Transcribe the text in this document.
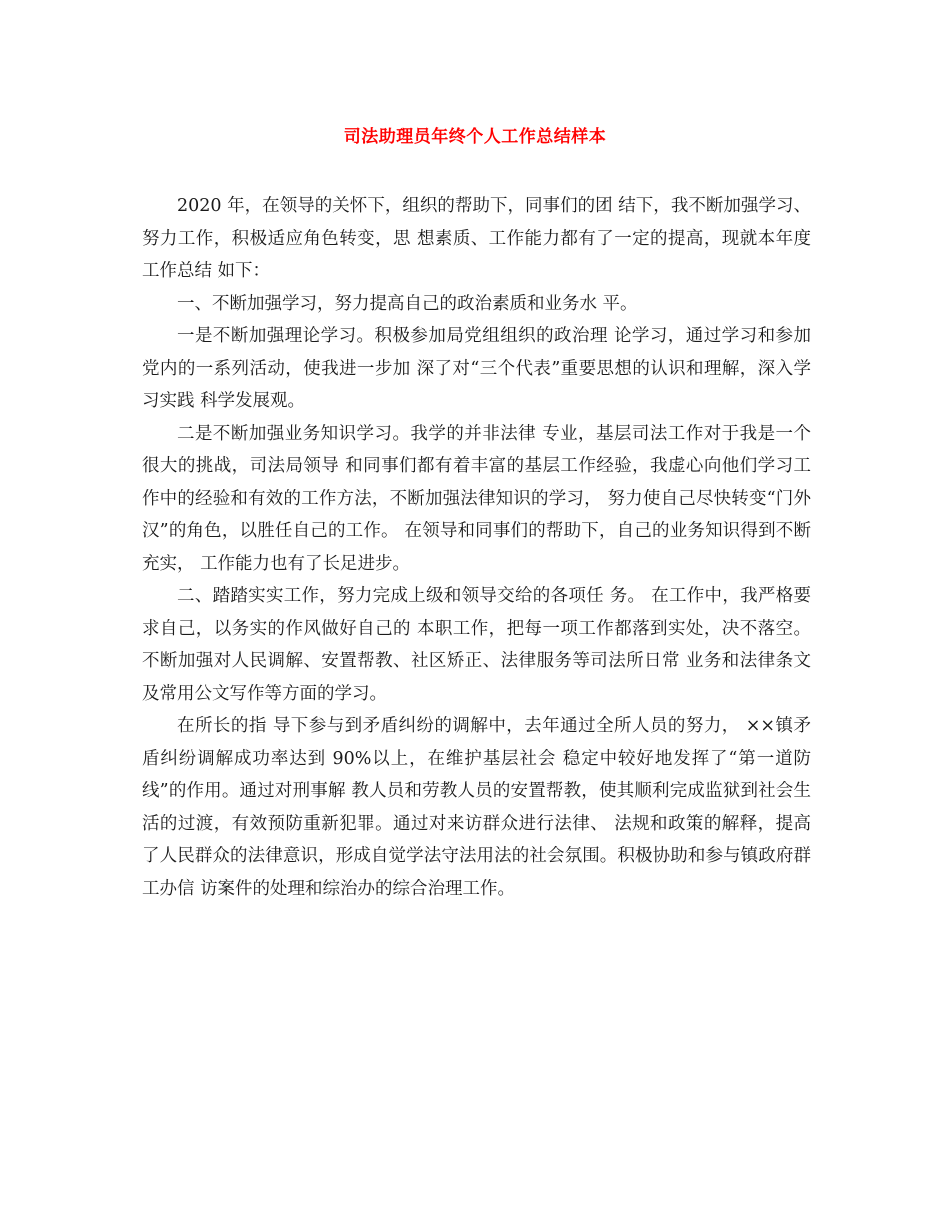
司法助理员年终个人工作总结样本

2020 年，在领导的关怀下，组织的帮助下，同事们的团 结下，我不断加强学习、努力工作，积极适应角色转变，思 想素质、工作能力都有了一定的提高，现就本年度工作总结 如下：

一、不断加强学习，努力提高自己的政治素质和业务水 平。

一是不断加强理论学习。积极参加局党组组织的政治理 论学习，通过学习和参加党内的一系列活动，使我进一步加 深了对“三个代表”重要思想的认识和理解，深入学习实践 科学发展观。

二是不断加强业务知识学习。我学的并非法律 专业，基层司法工作对于我是一个很大的挑战，司法局领导 和同事们都有着丰富的基层工作经验，我虚心向他们学习工 作中的经验和有效的工作方法，不断加强法律知识的学习， 努力使自己尽快转变“门外汉”的角色，以胜任自己的工作。 在领导和同事们的帮助下，自己的业务知识得到不断充实， 工作能力也有了长足进步。

二、踏踏实实工作，努力完成上级和领导交给的各项任 务。 在工作中，我严格要求自己，以务实的作风做好自己的 本职工作，把每一项工作都落到实处，决不落空。不断加强对人民调解、安置帮教、社区矫正、法律服务等司法所日常 业务和法律条文及常用公文写作等方面的学习。

在所长的指 导下参与到矛盾纠纷的调解中，去年通过全所人员的努力， ××镇矛盾纠纷调解成功率达到 90%以上，在维护基层社会 稳定中较好地发挥了“第一道防线”的作用。通过对刑事解 教人员和劳教人员的安置帮教，使其顺利完成监狱到社会生 活的过渡，有效预防重新犯罪。通过对来访群众进行法律、 法规和政策的解释，提高了人民群众的法律意识，形成自觉学法守法用法的社会氛围。积极协助和参与镇政府群工办信 访案件的处理和综治办的综合治理工作。
